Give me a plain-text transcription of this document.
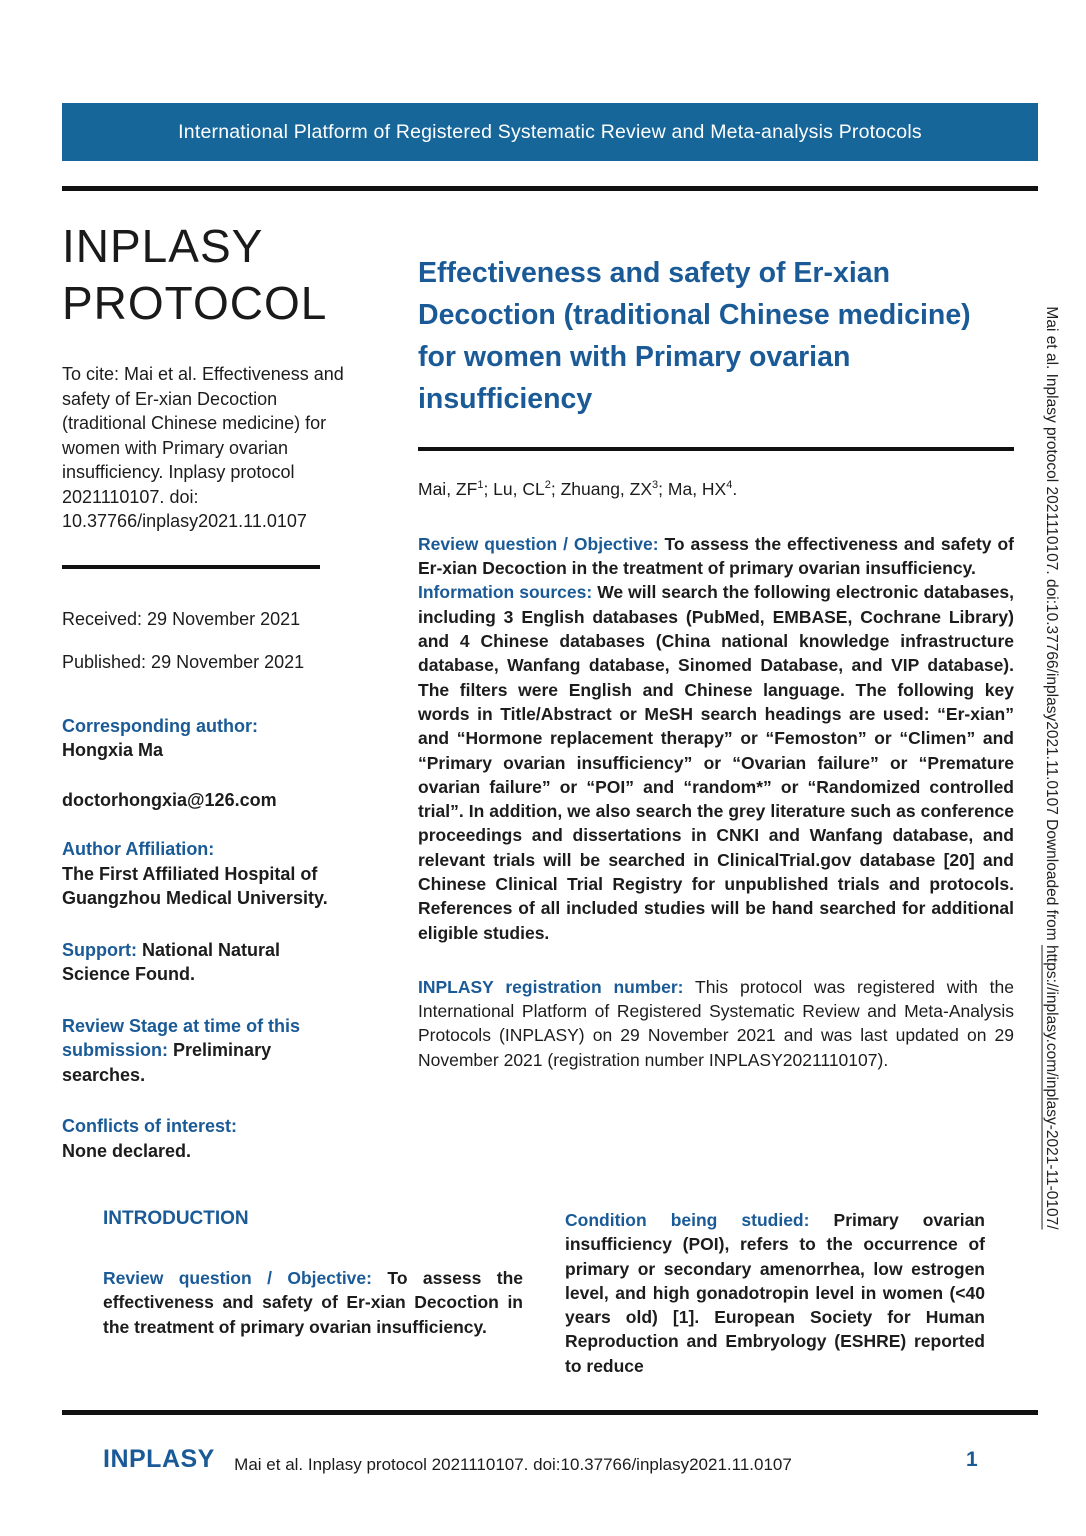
International Platform of Registered Systematic Review and Meta-analysis Protocols
INPLASY
PROTOCOL

To cite: Mai et al. Effectiveness and safety of Er-xian Decoction (traditional Chinese medicine) for women with Primary ovarian insufficiency. Inplasy protocol 2021110107. doi:
10.37766/inplasy2021.11.0107

Received: 29 November 2021

Published: 29 November 2021

Corresponding author:
Hongxia Ma

doctorhongxia@126.com

Author Affiliation:
The First Affiliated Hospital of Guangzhou Medical University.

Support: National Natural Science Found.

Review Stage at time of this submission: Preliminary searches.

Conflicts of interest:
None declared.
Effectiveness and safety of Er-xian Decoction (traditional Chinese medicine) for women with Primary ovarian insufficiency

Mai, $ZF^1$; Lu, $CL^2$; Zhuang, $ZX^3$; Ma, $HX^4$.

Review question / Objective: To assess the effectiveness and safety of Er-xian Decoction in the treatment of primary ovarian insufficiency.

Information sources: We will search the following electronic databases, including 3 English databases (PubMed, EMBASE, Cochrane Library) and 4 Chinese databases (China national knowledge infrastructure database, Wanfang database, Sinomed Database, and VIP database). The filters were English and Chinese language. The following key words in Title/Abstract or MeSH search headings are used: “Er-xian” and “Hormone replacement therapy” or “Femoston” or “Climen” and “Primary ovarian insufficiency” or “Ovarian failure” or “Premature ovarian failure” or “POI” and “random*” or “Randomized controlled trial”. In addition, we also search the grey literature such as conference proceedings and dissertations in CNKI and Wanfang database, and relevant trials will be searched in ClinicalTrial.gov database [20] and Chinese Clinical Trial Registry for unpublished trials and protocols. References of all included studies will be hand searched for additional eligible studies.

INPLASY registration number: This protocol was registered with the International Platform of Registered Systematic Review and Meta-Analysis Protocols (INPLASY) on 29 November 2021 and was last updated on 29 November 2021 (registration number INPLASY2021110107).

INTRODUCTION

Review question / Objective: To assess the effectiveness and safety of Er-xian Decoction in the treatment of primary ovarian insufficiency.

Condition being studied: Primary ovarian insufficiency (POI), refers to the occurrence of primary or secondary amenorrhea, low estrogen level, and high gonadotropin level in women (<40 years old) [1]. European Society for Human Reproduction and Embryology (ESHRE) reported to reduce

INPLASY	Mai et al. Inplasy protocol 2021110107. doi:10.37766/inplasy2021.11.0107	1
Mai et al. Inplasy protocol 2021110107. doi:10.37766/inplasy2021.11.0107 Downloaded from https://inplasy.com/inplasy-2021-11-0107/
